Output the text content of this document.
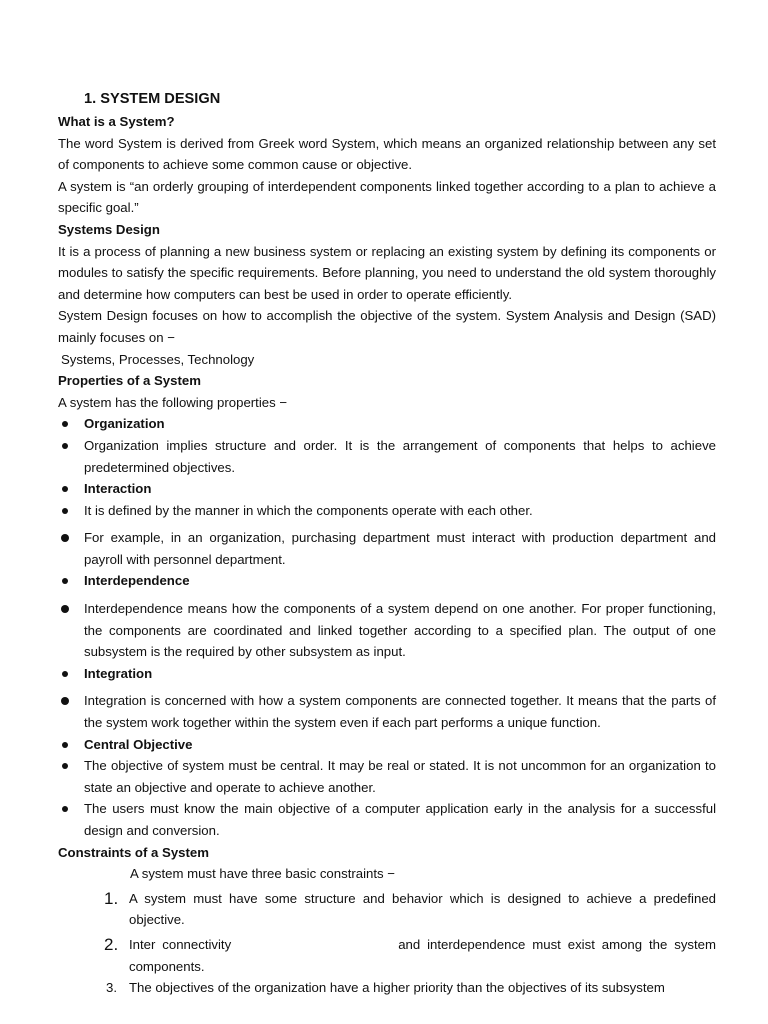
1. SYSTEM DESIGN

What is a System?

The word System is derived from Greek word System, which means an organized relationship between any set of components to achieve some common cause or objective.

A system is “an orderly grouping of interdependent components linked together according to a plan to achieve a specific goal.”

Systems Design

It is a process of planning a new business system or replacing an existing system by defining its components or modules to satisfy the specific requirements. Before planning, you need to understand the old system thoroughly and determine how computers can best be used in order to operate efficiently.

System Design focuses on how to accomplish the objective of the system. System Analysis and Design (SAD) mainly focuses on −

Systems, Processes, Technology

Properties of a System

A system has the following properties −

Organization
Organization implies structure and order. It is the arrangement of components that helps to achieve predetermined objectives.
Interaction
It is defined by the manner in which the components operate with each other.
For example, in an organization, purchasing department must interact with production department and payroll with personnel department.
Interdependence
Interdependence means how the components of a system depend on one another. For proper functioning, the components are coordinated and linked together according to a specified plan. The output of one subsystem is the required by other subsystem as input.
Integration
Integration is concerned with how a system components are connected together. It means that the parts of the system work together within the system even if each part performs a unique function.
Central Objective
The objective of system must be central. It may be real or stated. It is not uncommon for an organization to state an objective and operate to achieve another.
The users must know the main objective of a computer application early in the analysis for a successful design and conversion.

Constraints of a System

A system must have three basic constraints −

1. A system must have some structure and behavior which is designed to achieve a predefined objective.
2. Inter connectivity	and interdependence must exist among the system components.
3. The objectives of the organization have a higher priority than the objectives of its subsystem
